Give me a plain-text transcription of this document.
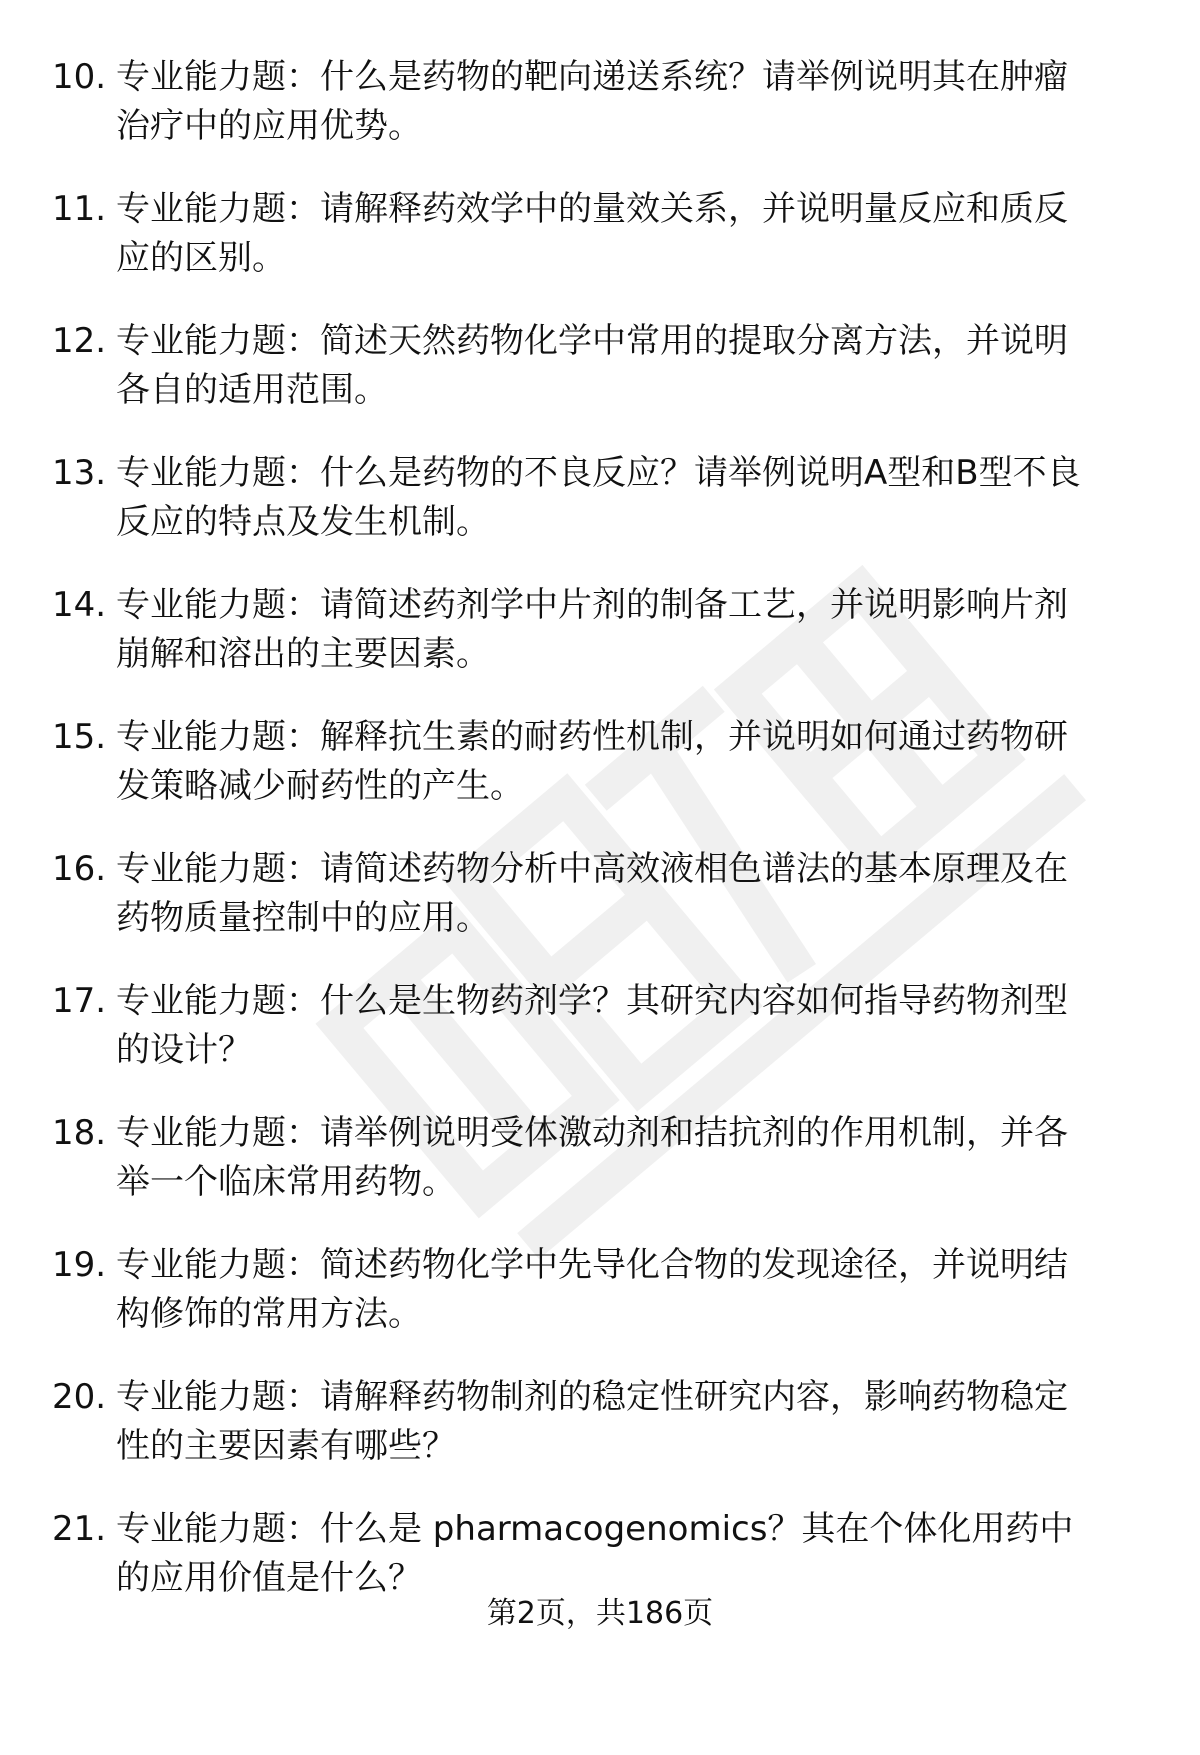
10. 专业能力题：什么是药物的靶向递送系统？请举例说明其在肿瘤
治疗中的应用优势。
11. 专业能力题：请解释药效学中的量效关系，并说明量反应和质反
应的区别。
12. 专业能力题：简述天然药物化学中常用的提取分离方法，并说明
各自的适用范围。
13. 专业能力题：什么是药物的不良反应？请举例说明A型和B型不良
反应的特点及发生机制。
14. 专业能力题：请简述药剂学中片剂的制备工艺，并说明影响片剂
崩解和溶出的主要因素。
15. 专业能力题：解释抗生素的耐药性机制，并说明如何通过药物研
发策略减少耐药性的产生。
16. 专业能力题：请简述药物分析中高效液相色谱法的基本原理及在
药物质量控制中的应用。
17. 专业能力题：什么是生物药剂学？其研究内容如何指导药物剂型
的设计？
18. 专业能力题：请举例说明受体激动剂和拮抗剂的作用机制，并各
举一个临床常用药物。
19. 专业能力题：简述药物化学中先导化合物的发现途径，并说明结
构修饰的常用方法。
20. 专业能力题：请解释药物制剂的稳定性研究内容，影响药物稳定
性的主要因素有哪些？
21. 专业能力题：什么是 pharmacogenomics？其在个体化用药中
的应用价值是什么？
第2页，共186页
